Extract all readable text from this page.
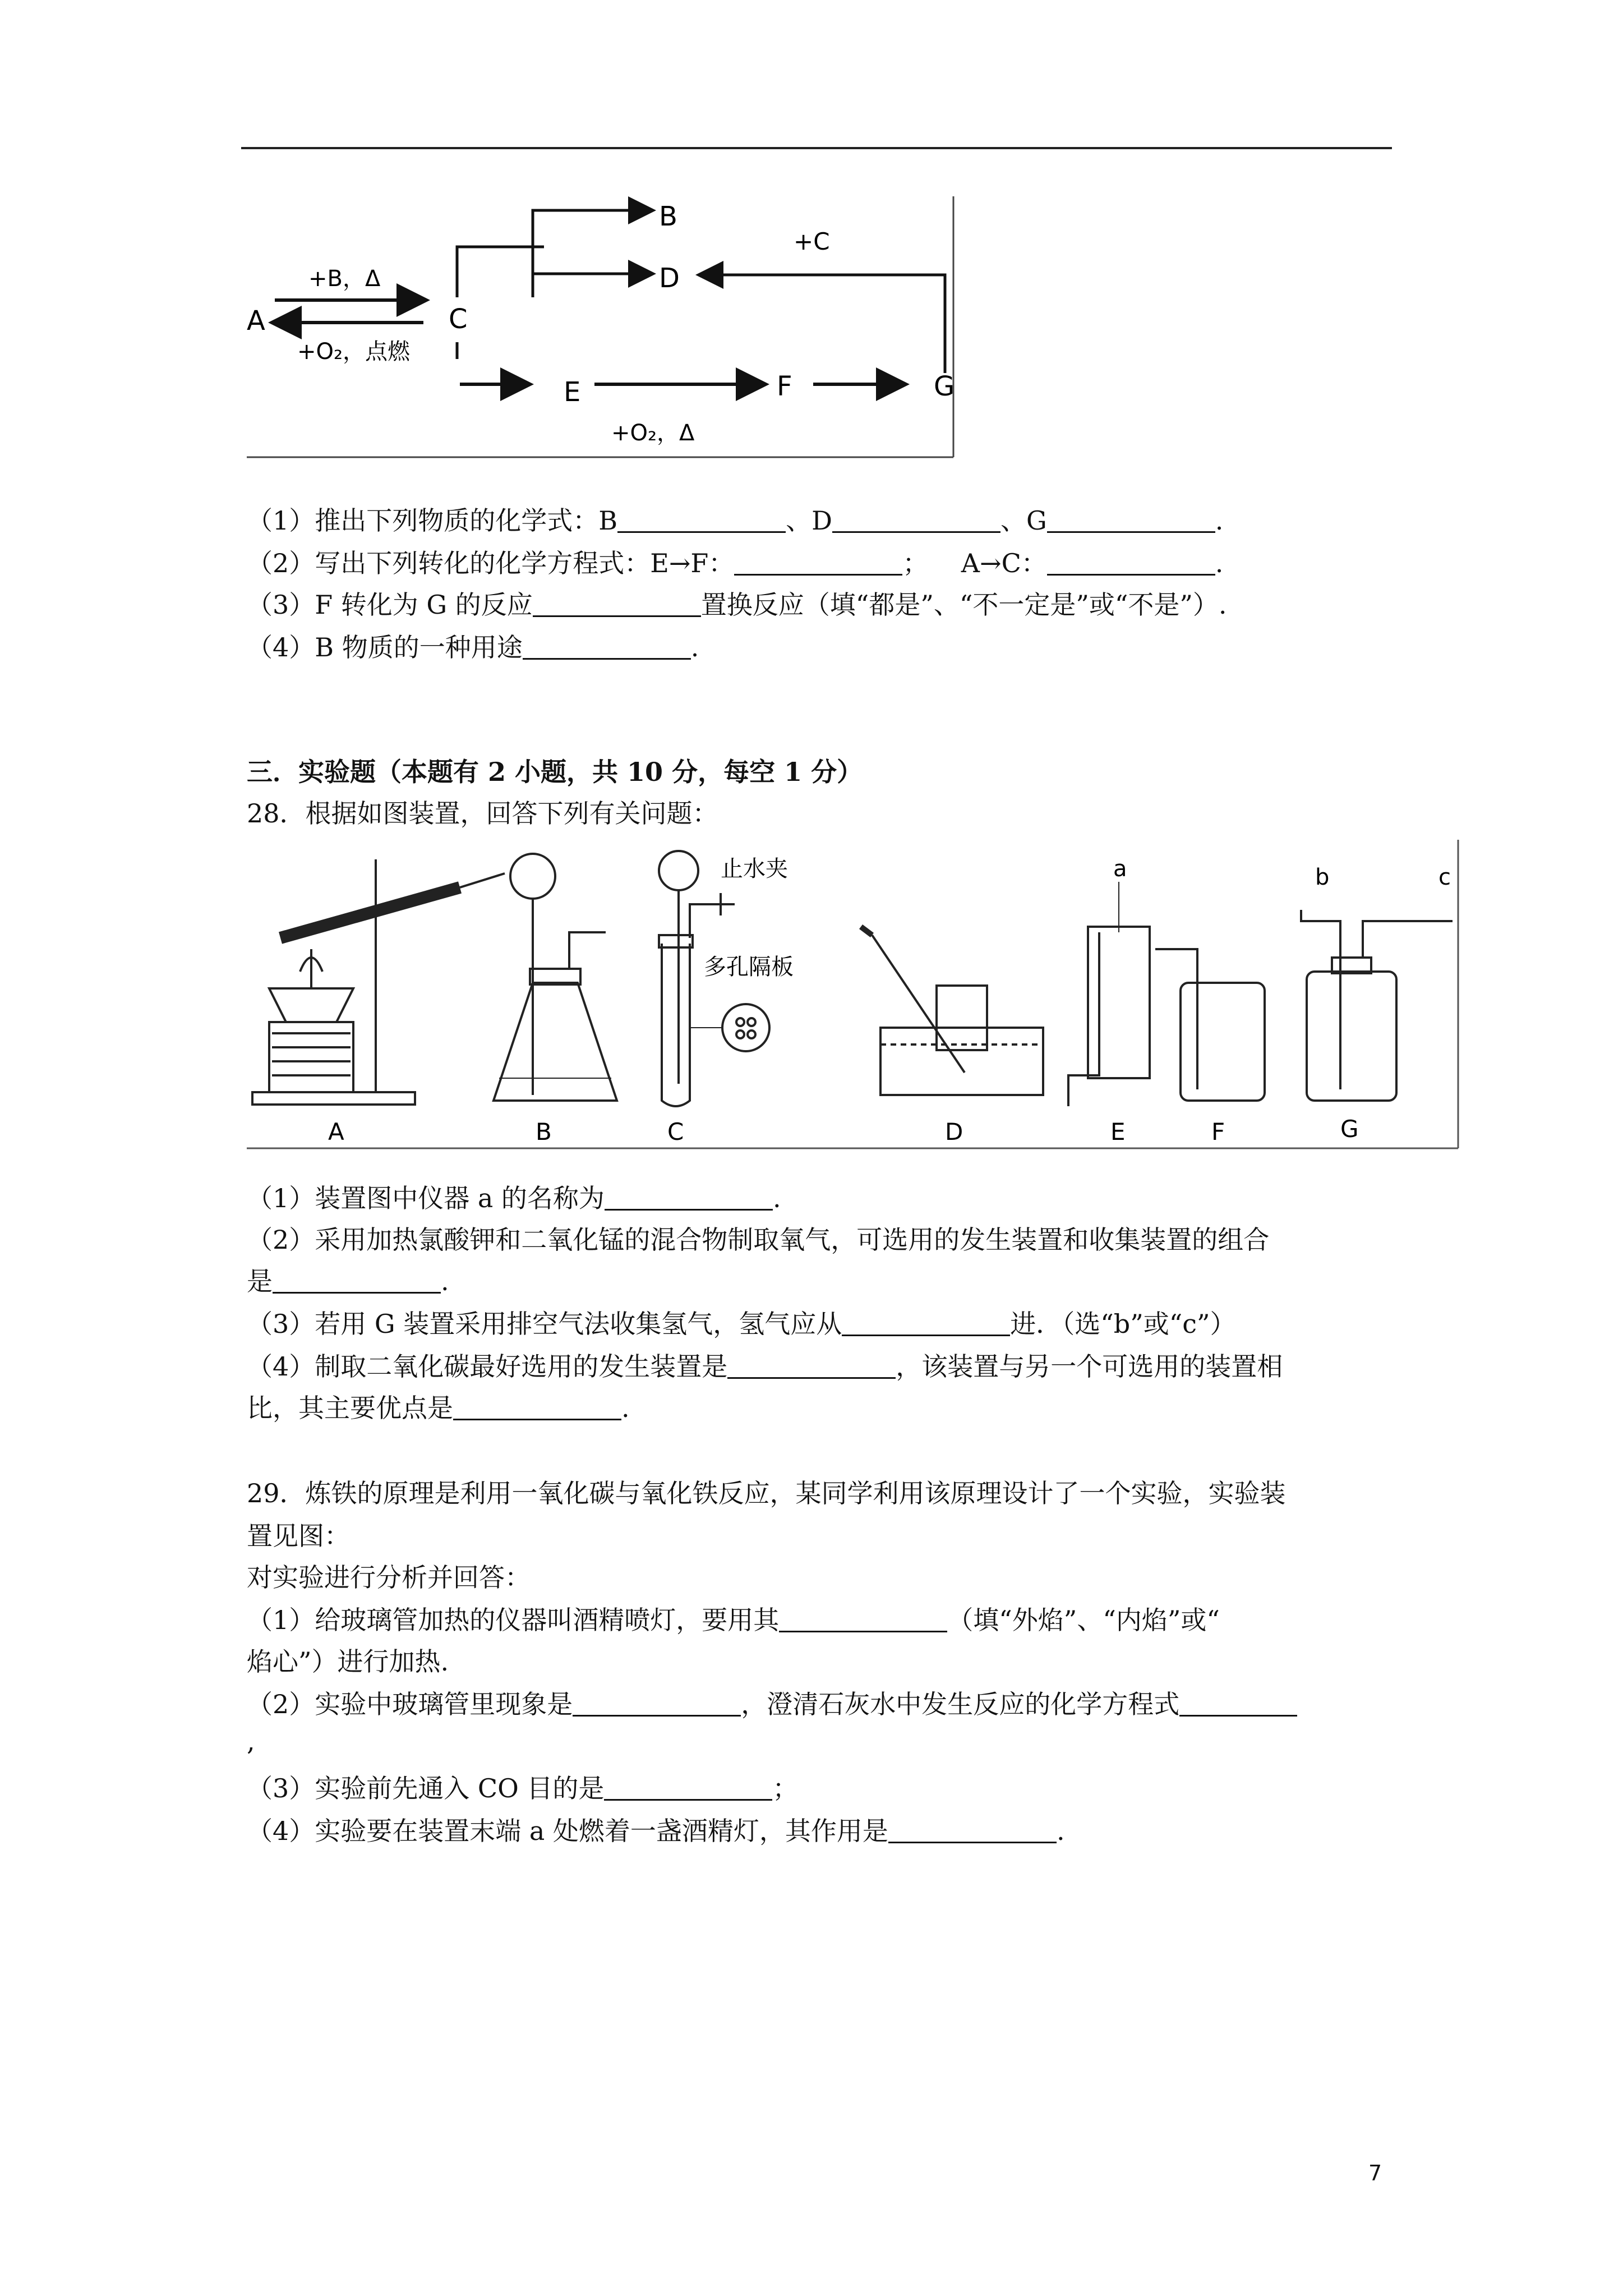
A	C
B
D
E	F	G
+B，Δ
+O₂，点燃
+O₂，Δ
+C
（1）推出下列物质的化学式：B	、D	、G	.
（2）写出下列转化的化学方程式：E→F：	；    A→C：	.
（3）F 转化为 G 的反应	置换反应（填“都是”、“不一定是”或“不是”）.
（4）B 物质的一种用途	.
三．实验题（本题有 2 小题，共 10 分，每空 1 分）
28．根据如图装置，回答下列有关问题：
A	B
止水夹
多孔隔板
C	D
a
E	F
b	c
G
（1）装置图中仪器 a 的名称为	.
（2）采用加热氯酸钾和二氧化锰的混合物制取氧气，可选用的发生装置和收集装置的组合
是	.
（3）若用 G 装置采用排空气法收集氢气，氢气应从	进．（选“b”或“c”）
（4）制取二氧化碳最好选用的发生装置是	，该装置与另一个可选用的装置相
比，其主要优点是	.
29．炼铁的原理是利用一氧化碳与氧化铁反应，某同学利用该原理设计了一个实验，实验装
置见图：
对实验进行分析并回答：
（1）给玻璃管加热的仪器叫酒精喷灯，要用其	（填“外焰”、“内焰”或“
焰心”）进行加热.
（2）实验中玻璃管里现象是	，澄清石灰水中发生反应的化学方程式
,
（3）实验前先通入 CO 目的是	；
（4）实验要在装置末端 a 处燃着一盏酒精灯，其作用是	.
7
